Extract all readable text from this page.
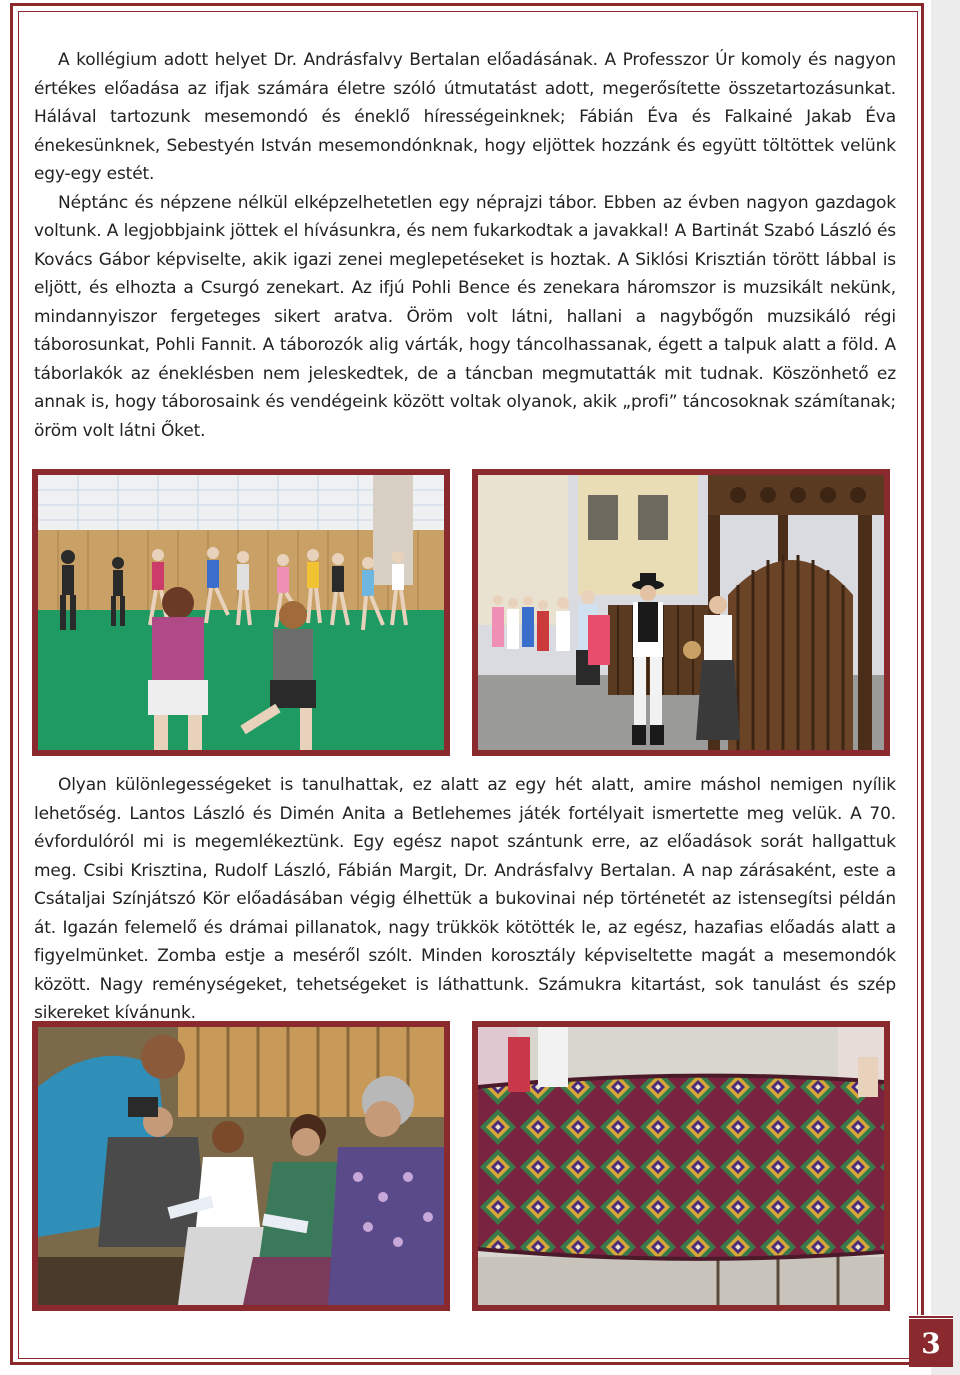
A kollégium adott helyet Dr. Andrásfalvy Bertalan előadásának. A Professzor Úr komoly és nagyon értékes előadása az ifjak számára életre szóló útmutatást adott, megerősítette összetartozásunkat. Hálával tartozunk mesemondó és éneklő hírességeinknek; Fábián Éva és Falkainé Jakab Éva énekesünknek, Sebestyén István mesemondónknak, hogy eljöttek hozzánk és együtt töltöttek velünk egy-egy estét.

Néptánc és népzene nélkül elképzelhetetlen egy néprajzi tábor. Ebben az évben nagyon gazdagok voltunk. A legjobbjaink jöttek el hívásunkra, és nem fukarkodtak a javakkal! A Bartinát Szabó László és Kovács Gábor képviselte, akik igazi zenei meglepetéseket is hoztak. A Siklósi Krisztián törött lábbal is eljött, és elhozta a Csurgó zenekart. Az ifjú Pohli Bence és zenekara háromszor is muzsikált nekünk, mindannyiszor fergeteges sikert aratva. Öröm volt látni, hallani a nagybőgőn muzsikáló régi táborosunkat, Pohli Fannit. A táborozók alig várták, hogy táncolhassanak, égett a talpuk alatt a föld. A táborlakók az éneklésben nem jeleskedtek, de a táncban megmutatták mit tudnak. Köszönhető ez annak is, hogy táborosaink és vendégeink között voltak olyanok, akik „profi” táncosoknak számítanak; öröm volt látni Őket.

Olyan különlegességeket is tanulhattak, ez alatt az egy hét alatt, amire máshol nemigen nyílik lehetőség. Lantos László és Dimén Anita a Betlehemes játék fortélyait ismertette meg velük. A 70. évfordulóról mi is megemlékeztünk. Egy egész napot szántunk erre, az előadások sorát hallgattuk meg. Csibi Krisztina, Rudolf László, Fábián Margit, Dr. Andrásfalvy Bertalan. A nap zárásaként, este a Csátaljai Színjátszó Kör előadásában végig élhettük a bukovinai nép történetét az istensegítsi példán át. Igazán felemelő és drámai pillanatok, nagy trükkök kötötték le, az egész, hazafias előadás alatt a figyelmünket. Zomba estje a meséről szólt. Minden korosztály képviseltette magát a mesemondók között. Nagy reménységeket, tehetségeket is láthattunk. Számukra kitartást, sok tanulást és szép sikereket kívánunk.

3
